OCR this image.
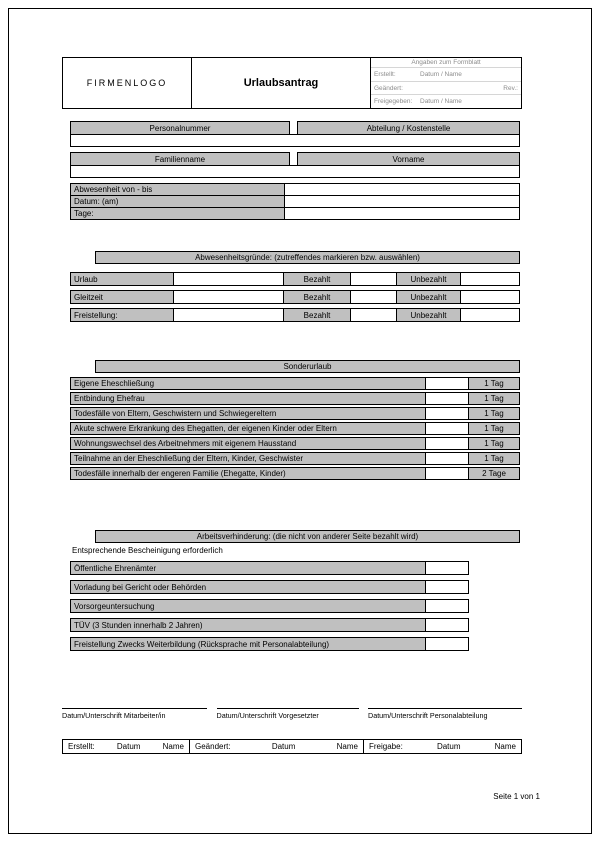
FIRMENLOGO	Urlaubsantrag
Angaben zum Formblatt
Erstellt:	Datum / Name
Geändert:	Rev.:
Freigegeben:	Datum / Name
Personalnummer	Abteilung / Kostenstelle
Familienname	Vorname
Abwesenheit von - bis
Datum: (am)
Tage:
Abwesenheitsgründe: (zutreffendes markieren bzw. auswählen)
Urlaub	Bezahlt	Unbezahlt
Gleitzeit	Bezahlt	Unbezahlt
Freistellung:	Bezahlt	Unbezahlt
Sonderurlaub
Eigene Eheschließung	1 Tag
Entbindung Ehefrau	1 Tag
Todesfälle von Eltern, Geschwistern und Schwiegereltern	1 Tag
Akute schwere Erkrankung des Ehegatten, der eigenen Kinder oder Eltern	1 Tag
Wohnungswechsel des Arbeitnehmers mit eigenem Hausstand	1 Tag
Teilnahme an der Eheschließung der Eltern, Kinder, Geschwister	1 Tag
Todesfälle innerhalb der engeren Familie (Ehegatte, Kinder)	2 Tage
Arbeitsverhinderung: (die nicht von anderer Seite bezahlt wird)
Entsprechende Bescheinigung erforderlich
Öffentliche Ehrenämter
Vorladung bei Gericht oder Behörden
Vorsorgeuntersuchung
TÜV (3 Stunden innerhalb 2 Jahren)
Freistellung Zwecks Weiterbildung (Rücksprache mit Personalabteilung)
Datum/Unterschrift Mitarbeiter/in	Datum/Unterschrift Vorgesetzter	Datum/Unterschrift Personalabteilung
Erstellt:	Datum	Name Geändert:	Datum	Name Freigabe:	Datum	Name
Seite 1 von 1
